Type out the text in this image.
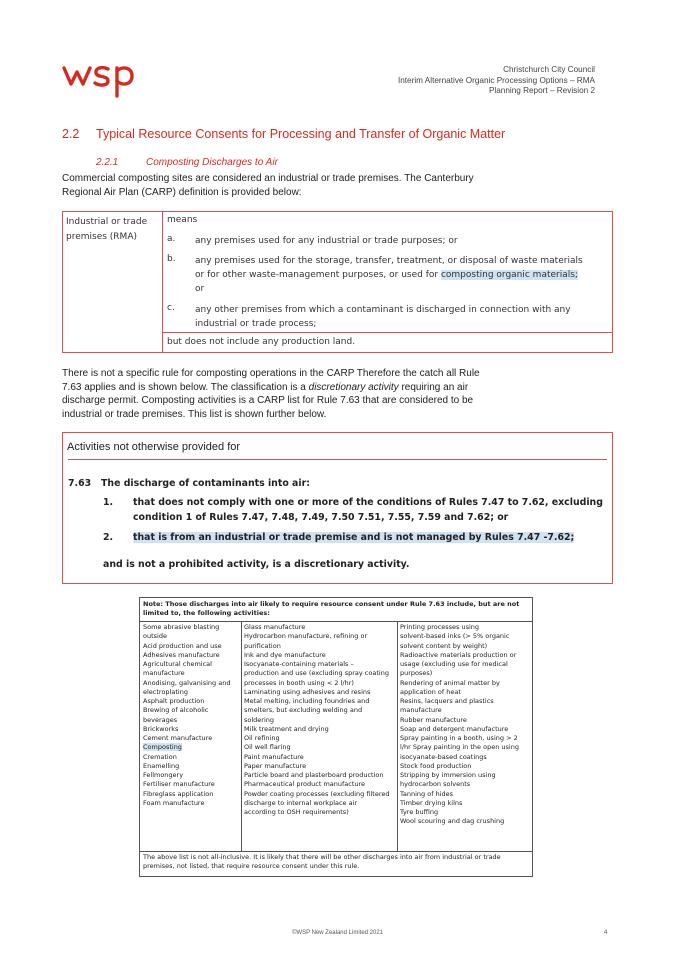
Christchurch City Council
Interim Alternative Organic Processing Options – RMA
Planning Report – Revision 2
2.2 Typical Resource Consents for Processing and Transfer of Organic Matter
2.2.1	Composting Discharges to Air
Commercial composting sites are considered an industrial or trade premises. The Canterbury
Regional Air Plan (CARP) definition is provided below:
Industrial or trade
premises (RMA)
means
a. any premises used for any industrial or trade purposes; or
b. any premises used for the storage, transfer, treatment, or disposal of waste materials
or for other waste-management purposes, or used for composting organic materials;
or
c. any other premises from which a contaminant is discharged in connection with any
industrial or trade process;
but does not include any production land.
There is not a specific rule for composting operations in the CARP Therefore the catch all Rule
7.63 applies and is shown below. The classification is a discretionary activity requiring an air
discharge permit. Composting activities is a CARP list for Rule 7.63 that are considered to be
industrial or trade premises. This list is shown further below.
Activities not otherwise provided for
7.63 The discharge of contaminants into air:
1. that does not comply with one or more of the conditions of Rules 7.47 to 7.62, excluding
condition 1 of Rules 7.47, 7.48, 7.49, 7.50 7.51, 7.55, 7.59 and 7.62; or
2. that is from an industrial or trade premise and is not managed by Rules 7.47 -7.62;
and is not a prohibited activity, is a discretionary activity.
Note: Those discharges into air likely to require resource consent under Rule 7.63 include, but are not
limited to, the following activities:
Some abrasive blasting
outside
Acid production and use
Adhesives manufacture
Agricultural chemical
manufacture
Anodising, galvanising and
electroplating
Asphalt production
Brewing of alcoholic
beverages
Brickworks
Cement manufacture
Composting
Cremation
Enamelling
Fellmongery
Fertiliser manufacture
Fibreglass application
Foam manufacture
Glass manufacture
Hydrocarbon manufacture, refining or
purification
Ink and dye manufacture
Isocyanate-containing materials –
production and use (excluding spray coating
processes in booth using < 2 l/hr)
Laminating using adhesives and resins
Metal melting, including foundries and
smelters, but excluding welding and
soldering
Milk treatment and drying
Oil refining
Oil well flaring
Paint manufacture
Paper manufacture
Particle board and plasterboard production
Pharmaceutical product manufacture
Powder coating processes (excluding filtered
discharge to internal workplace air
according to OSH requirements)
Printing processes using
solvent-based inks (> 5% organic
solvent content by weight)
Radioactive materials production or
usage (excluding use for medical
purposes)
Rendering of animal matter by
application of heat
Resins, lacquers and plastics
manufacture
Rubber manufacture
Soap and detergent manufacture
Spray painting in a booth, using > 2
l/hr Spray painting in the open using
isocyanate-based coatings
Stock food production
Stripping by immersion using
hydrocarbon solvents
Tanning of hides
Timber drying kilns
Tyre buffing
Wool scouring and dag crushing
The above list is not all-inclusive. It is likely that there will be other discharges into air from industrial or trade
premises, not listed, that require resource consent under this rule.
©WSP New Zealand Limited 2021	4
